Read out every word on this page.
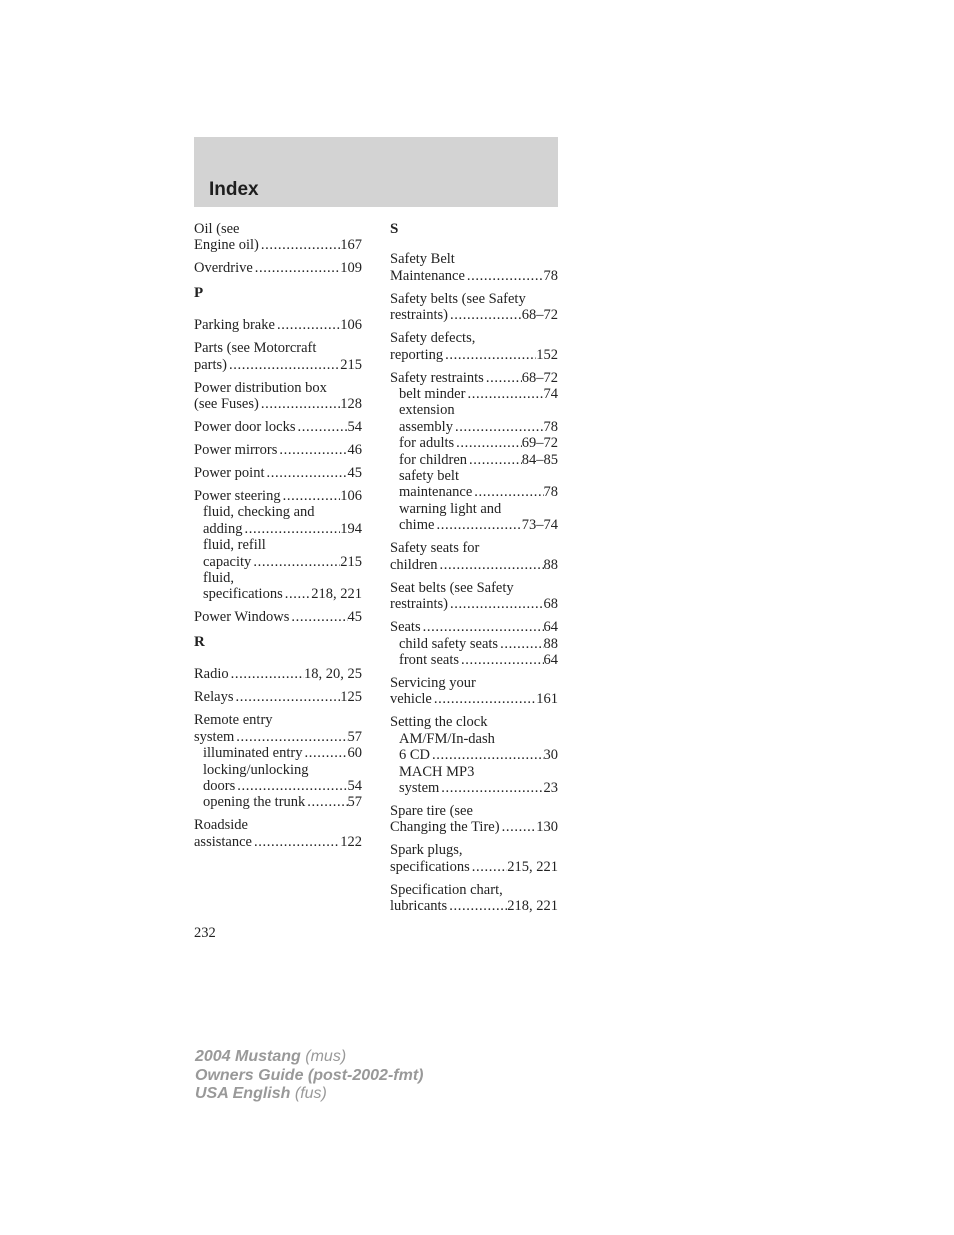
Index
Oil (see
Engine oil) . . .	167
Overdrive . . .	109
P
Parking brake . . .	106
Parts (see Motorcraft
parts) . . .	215
Power distribution box
(see Fuses) . . .	128
Power door locks . . .	54
Power mirrors . . .	46
Power point . . .	45
Power steering . . .	106
fluid, checking and
adding . . .	194
fluid, refill
capacity . . .	215
fluid,
specifications . . . 218, 221
Power Windows . . .	45
R
Radio . . .	18, 20, 25
Relays . . .	125
Remote entry
system . . .	57
illuminated entry . . .	60
locking/unlocking
doors . . .	54
opening the trunk . . .	57
Roadside
assistance . . .	122
S
Safety Belt
Maintenance . . .	78
Safety belts (see Safety
restraints) . . .	68–72
Safety defects,
reporting . . .	152
Safety restraints . . .	68–72
belt minder . . .	74
extension
assembly . . .	78
for adults . . .	69–72
for children . . .	84–85
safety belt
maintenance . . .	78
warning light and
chime . . .	73–74
Safety seats for
children . . .	88
Seat belts (see Safety
restraints) . . .	68
Seats . . .	64
child safety seats . . .	88
front seats . . .	64
Servicing your
vehicle . . .	161
Setting the clock
AM/FM/In-dash
6 CD . . .	30
MACH MP3
system . . .	23
Spare tire (see
Changing the Tire) . . .	130
Spark plugs,
specifications . . .	215, 221
Specification chart,
lubricants . . .	218, 221
232
2004 Mustang (mus)
Owners Guide (post-2002-fmt)
USA English (fus)
